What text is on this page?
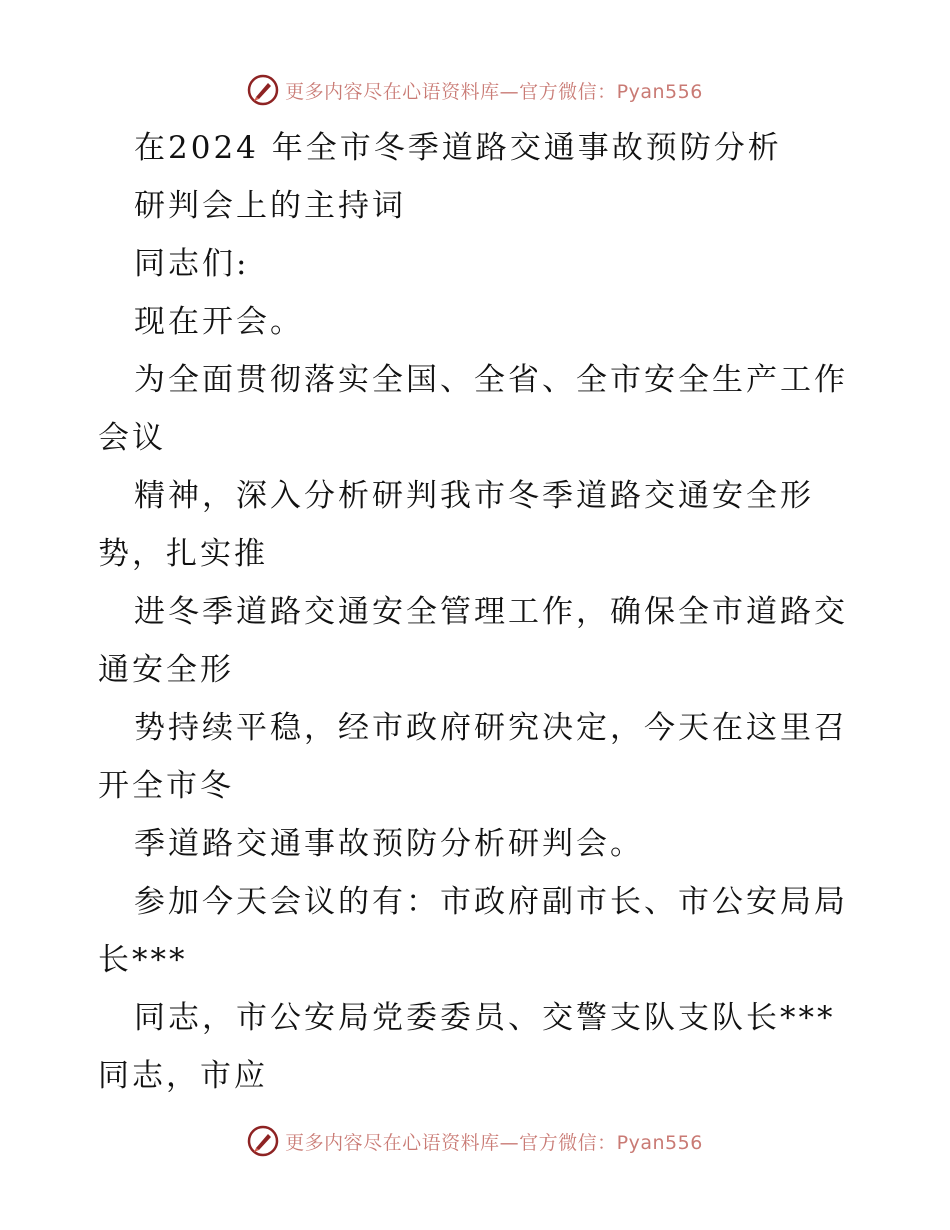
更多内容尽在心语资料库—官方微信：Pyan556
在2024 年全市冬季道路交通事故预防分析
研判会上的主持词
同志们:
现在开会。
为全面贯彻落实全国、全省、全市安全生产工作
会议
精神，深入分析研判我市冬季道路交通安全形
势，扎实推
进冬季道路交通安全管理工作，确保全市道路交
通安全形
势持续平稳，经市政府研究决定，今天在这里召
开全市冬
季道路交通事故预防分析研判会。
参加今天会议的有：市政府副市长、市公安局局
长***
同志，市公安局党委委员、交警支队支队长***
同志，市应
更多内容尽在心语资料库—官方微信：Pyan556
